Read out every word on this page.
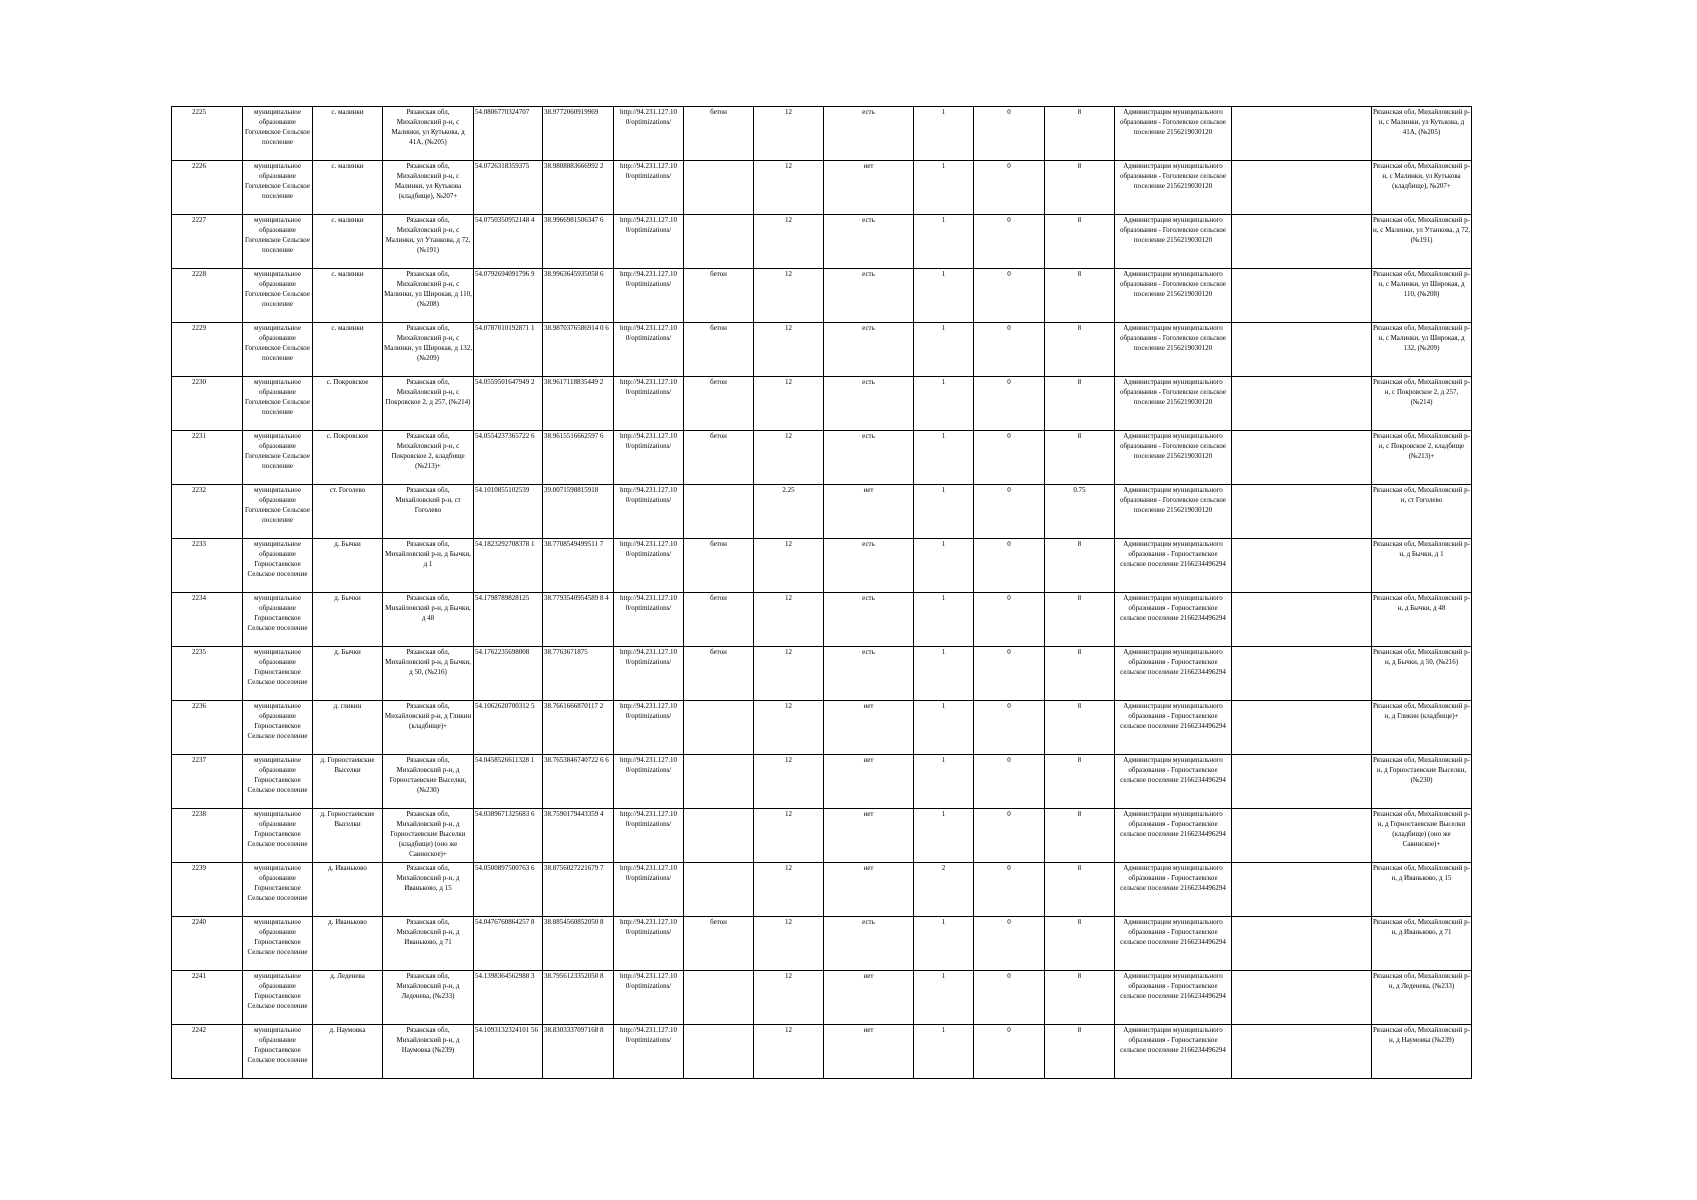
2225	муниципальное образование Гоголевское Сельское поселение	с. малинки	Рязанская обл, Михайловский р-н, с Малинки, ул Кутькова, д 41А, (№205)	54.0806770324707	38.9772060919969	http://94.231.127.10 0/optimizations/	бетон	12	есть	1	0	8	Администрация муниципального образования - Гоголевское сельское поселение 2156219030120		Рязанская обл, Михайловский р-н, с Малинки, ул Кутькова, д 41А, (№205)
2226	муниципальное образование Гоголевское Сельское поселение	с. малинки	Рязанская обл, Михайловский р-н, с Малинки, ул Кутькова (кладбище), №207+	54.0726318359375	38.9808883666992 2	http://94.231.127.10 0/optimizations/		12	нет	1	0	8	Администрация муниципального образования - Гоголевское сельское поселение 2156219030120		Рязанская обл, Михайловский р-н, с Малинки, ул Кутькова (кладбище), №207+
2227	муниципальное образование Гоголевское Сельское поселение	с. малинки	Рязанская обл, Михайловский р-н, с Малинки, ул Утанкова, д 72, (№191)	54.0750350952148 4	38.9966981506347 6	http://94.231.127.10 0/optimizations/		12	есть	1	0	8	Администрация муниципального образования - Гоголевское сельское поселение 2156219030120		Рязанская обл, Михайловский р-н, с Малинки, ул Утанкова, д 72, (№191)
2228	муниципальное образование Гоголевское Сельское поселение	с. малинки	Рязанская обл, Михайловский р-н, с Малинки, ул Широкая, д 110, (№208)	54.0792694091796 9	38.9963645935058 6	http://94.231.127.10 0/optimizations/	бетон	12	есть	1	0	8	Администрация муниципального образования - Гоголевское сельское поселение 2156219030120		Рязанская обл, Михайловский р-н, с Малинки, ул Широкая, д 110, (№208)
2229	муниципальное образование Гоголевское Сельское поселение	с. малинки	Рязанская обл, Михайловский р-н, с Малинки, ул Широкая, д 132, (№209)	54.0787010192871 1	38.9870376586914 0 6	http://94.231.127.10 0/optimizations/	бетон	12	есть	1	0	8	Администрация муниципального образования - Гоголевское сельское поселение 2156219030120		Рязанская обл, Михайловский р-н, с Малинки, ул Широкая, д 132, (№209)
2230	муниципальное образование Гоголевское Сельское поселение	с. Покровское	Рязанская обл, Михайловский р-н, с Покровское 2, д 257, (№214)	54.0559501647949 2	38.9617118835449 2	http://94.231.127.10 0/optimizations/	бетон	12	есть	1	0	8	Администрация муниципального образования - Гоголевское сельское поселение 2156219030120		Рязанская обл, Михайловский р-н, с Покровское 2, д 257, (№214)
2231	муниципальное образование Гоголевское Сельское поселение	с. Покровское	Рязанская обл, Михайловский р-н, с Покровское 2, кладбище (№213)+	54.0554237365722 6	38.9615516662597 6	http://94.231.127.10 0/optimizations/	бетон	12	есть	1	0	8	Администрация муниципального образования - Гоголевское сельское поселение 2156219030120		Рязанская обл, Михайловский р-н, с Покровское 2, кладбище (№213)+
2232	муниципальное образование Гоголевское Сельское поселение	ст. Гоголево	Рязанская обл, Михайловский р-н, ст Гоголево	54.1010855102539	39.0071598815918	http://94.231.127.10 0/optimizations/		2.25	нет	1	0	0.75	Администрация муниципального образования - Гоголевское сельское поселение 2156219030120		Рязанская обл, Михайловский р-н, ст Гоголево
2233	муниципальное образование Горностаевское Сельское поселение	д. Бычки	Рязанская обл, Михайловский р-н, д Бычки, д 1	54.1823292708378 1	38.7708549499511 7	http://94.231.127.10 0/optimizations/	бетон	12	есть	1	0	8	Администрация муниципального образования - Горностаевское сельское поселение 2166234496294		Рязанская обл, Михайловский р-н, д Бычки, д 1
2234	муниципальное образование Горностаевское Сельское поселение	д. Бычки	Рязанская обл, Михайловский р-н, д Бычки, д 48	54.1798789828125	38.7793540954589 8 4	http://94.231.127.10 0/optimizations/	бетон	12	есть	1	0	8	Администрация муниципального образования - Горностаевское сельское поселение 2166234496294		Рязанская обл, Михайловский р-н, д Бычки, д 48
2235	муниципальное образование Горностаевское Сельское поселение	д. Бычки	Рязанская обл, Михайловский р-н, д Бычки, д 50, (№216)	54.1762235698008	38.7763671875	http://94.231.127.10 0/optimizations/	бетон	12	есть	1	0	8	Администрация муниципального образования - Горностаевское сельское поселение 2166234496294		Рязанская обл, Михайловский р-н, д Бычки, д 50, (№216)
2236	муниципальное образование Горностаевское Сельское поселение	д. гликин	Рязанская обл, Михайловский р-н, д Гликин (кладбище)+	54.1062620700312 5	38.7661666870117 2	http://94.231.127.10 0/optimizations/		12	нет	1	0	8	Администрация муниципального образования - Горностаевское сельское поселение 2166234496294		Рязанская обл, Михайловский р-н, д Гликин (кладбище)+
2237	муниципальное образование Горностаевское Сельское поселение	д. Горностаевские Выселки	Рязанская обл, Михайловский р-н, д Горностаевские Выселки, (№230)	54.0458526611328 1	38.7653846740722 6 6	http://94.231.127.10 0/optimizations/		12	нет	1	0	8	Администрация муниципального образования - Горностаевское сельское поселение 2166234496294		Рязанская обл, Михайловский р-н, д Горностаевские Выселки, (№230)
2238	муниципальное образование Горностаевское Сельское поселение	д. Горностаевские Выселки	Рязанская обл, Михайловский р-н, д Горностаевские Выселки (кладбище) (оно же Савинское)+	54.0389671325683 6	38.7590179443359 4	http://94.231.127.10 0/optimizations/		12	нет	1	0	8	Администрация муниципального образования - Горностаевское сельское поселение 2166234496294		Рязанская обл, Михайловский р-н, д Горностаевские Выселки (кладбище) (оно же Савинское)+
2239	муниципальное образование Горностаевское Сельское поселение	д. Иваньково	Рязанская обл, Михайловский р-н, д Иваньково, д 15	54.0500897500763 6	38.8756027221679 7	http://94.231.127.10 0/optimizations/		12	нет	2	0	8	Администрация муниципального образования - Горностаевское сельское поселение 2166234496294		Рязанская обл, Михайловский р-н, д Иваньково, д 15
2240	муниципальное образование Горностаевское Сельское поселение	д. Иваньково	Рязанская обл, Михайловский р-н, д Иваньково, д 71	54.0476760864257 8	38.8854560852050 8	http://94.231.127.10 0/optimizations/	бетон	12	есть	1	0	8	Администрация муниципального образования - Горностаевское сельское поселение 2166234496294		Рязанская обл, Михайловский р-н, д Иваньково, д 71
2241	муниципальное образование Горностаевское Сельское поселение	д. Леденева	Рязанская обл, Михайловский р-н, д Леденева, (№233)	54.1398364562988 3	38.7956123352050 8	http://94.231.127.10 0/optimizations/		12	нет	1	0	8	Администрация муниципального образования - Горностаевское сельское поселение 2166234496294		Рязанская обл, Михайловский р-н, д Леденева, (№233)
2242	муниципальное образование Горностаевское Сельское поселение	д. Наумовка	Рязанская обл, Михайловский р-н, д Наумовка (№239)	54.1093132324101 56	38.8303337097168 8	http://94.231.127.10 0/optimizations/		12	нет	1	0	8	Администрация муниципального образования - Горностаевское сельское поселение 2166234496294		Рязанская обл, Михайловский р-н, д Наумовка (№239)
